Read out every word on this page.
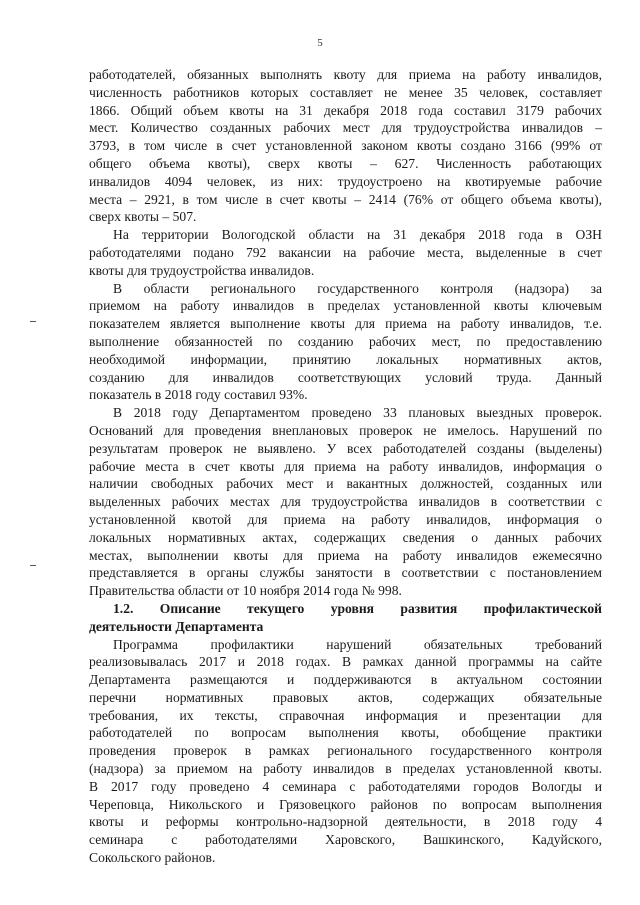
5
работодателей, обязанных выполнять квоту для приема на работу инвалидов,
численность работников которых составляет не менее 35 человек, составляет
1866. Общий объем квоты на 31 декабря 2018 года составил 3179 рабочих
мест. Количество созданных рабочих мест для трудоустройства инвалидов –
3793, в том числе в счет установленной законом квоты создано 3166 (99% от
общего объема квоты), сверх квоты – 627. Численность работающих
инвалидов 4094 человек, из них: трудоустроено на квотируемые рабочие
места – 2921, в том числе в счет квоты – 2414 (76% от общего объема квоты),
сверх квоты – 507.
На территории Вологодской области на 31 декабря 2018 года в ОЗН
работодателями подано 792 вакансии на рабочие места, выделенные в счет
квоты для трудоустройства инвалидов.
В области регионального государственного контроля (надзора) за
приемом на работу инвалидов в пределах установленной квоты ключевым
показателем является выполнение квоты для приема на работу инвалидов, т.е.
выполнение обязанностей по созданию рабочих мест, по предоставлению
необходимой информации, принятию локальных нормативных актов,
созданию для инвалидов соответствующих условий труда. Данный
показатель в 2018 году составил 93%.
В 2018 году Департаментом проведено 33 плановых выездных проверок.
Оснований для проведения внеплановых проверок не имелось. Нарушений по
результатам проверок не выявлено. У всех работодателей созданы (выделены)
рабочие места в счет квоты для приема на работу инвалидов, информация о
наличии свободных рабочих мест и вакантных должностей, созданных или
выделенных рабочих местах для трудоустройства инвалидов в соответствии с
установленной квотой для приема на работу инвалидов, информация о
локальных нормативных актах, содержащих сведения о данных рабочих
местах, выполнении квоты для приема на работу инвалидов ежемесячно
представляется в органы службы занятости в соответствии с постановлением
Правительства области от 10 ноября 2014 года № 998.
1.2. Описание текущего уровня развития профилактической
деятельности Департамента
Программа профилактики нарушений обязательных требований
реализовывалась 2017 и 2018 годах. В рамках данной программы на сайте
Департамента размещаются и поддерживаются в актуальном состоянии
перечни нормативных правовых актов, содержащих обязательные
требования, их тексты, справочная информация и презентации для
работодателей по вопросам выполнения квоты, обобщение практики
проведения проверок в рамках регионального государственного контроля
(надзора) за приемом на работу инвалидов в пределах установленной квоты.
В 2017 году проведено 4 семинара с работодателями городов Вологды и
Череповца, Никольского и Грязовецкого районов по вопросам выполнения
квоты и реформы контрольно-надзорной деятельности, в 2018 году 4
семинара с работодателями Харовского, Вашкинского, Кадуйского,
Сокольского районов.
